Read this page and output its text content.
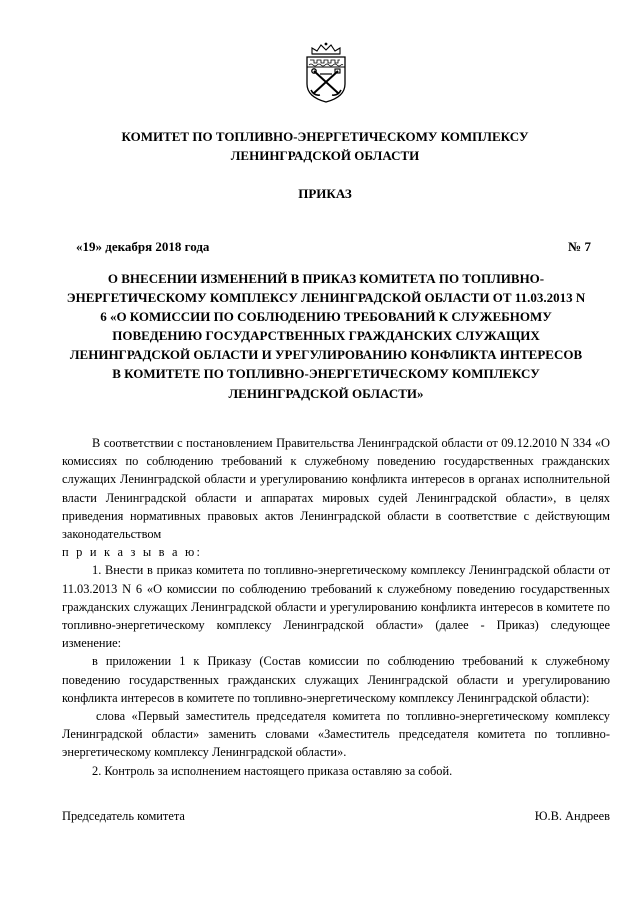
КОМИТЕТ ПО ТОПЛИВНО-ЭНЕРГЕТИЧЕСКОМУ КОМПЛЕКСУ ЛЕНИНГРАДСКОЙ ОБЛАСТИ
ПРИКАЗ
«19» декабря 2018 года	№ 7
О ВНЕСЕНИИ ИЗМЕНЕНИЙ В ПРИКАЗ КОМИТЕТА ПО ТОПЛИВНО-ЭНЕРГЕТИЧЕСКОМУ КОМПЛЕКСУ ЛЕНИНГРАДСКОЙ ОБЛАСТИ ОТ 11.03.2013 N 6 «О КОМИССИИ ПО СОБЛЮДЕНИЮ ТРЕБОВАНИЙ К СЛУЖЕБНОМУ ПОВЕДЕНИЮ ГОСУДАРСТВЕННЫХ ГРАЖДАНСКИХ СЛУЖАЩИХ ЛЕНИНГРАДСКОЙ ОБЛАСТИ И УРЕГУЛИРОВАНИЮ КОНФЛИКТА ИНТЕРЕСОВ В КОМИТЕТЕ ПО ТОПЛИВНО-ЭНЕРГЕТИЧЕСКОМУ КОМПЛЕКСУ ЛЕНИНГРАДСКОЙ ОБЛАСТИ»

В соответствии с постановлением Правительства Ленинградской области от 09.12.2010 N 334 «О комиссиях по соблюдению требований к служебному поведению государственных гражданских служащих Ленинградской области и урегулированию конфликта интересов в органах исполнительной власти Ленинградской области и аппаратах мировых судей Ленинградской области», в целях приведения нормативных правовых актов Ленинградской области в соответствие с действующим законодательством
п р и к а з ы в а ю:

1. Внести в приказ комитета по топливно-энергетическому комплексу Ленинградской области от 11.03.2013 N 6 «О комиссии по соблюдению требований к служебному поведению государственных гражданских служащих Ленинградской области и урегулированию конфликта интересов в комитете по топливно-энергетическому комплексу Ленинградской области» (далее - Приказ) следующее изменение:

в приложении 1 к Приказу (Состав комиссии по соблюдению требований к служебному поведению государственных гражданских служащих Ленинградской области и урегулированию конфликта интересов в комитете по топливно-энергетическому комплексу Ленинградской области):

слова «Первый заместитель председателя комитета по топливно-энергетическому комплексу Ленинградской области» заменить словами «Заместитель председателя комитета по топливно-энергетическому комплексу Ленинградской области».

2. Контроль за исполнением настоящего приказа оставляю за собой.

Председатель комитета	Ю.В. Андреев
